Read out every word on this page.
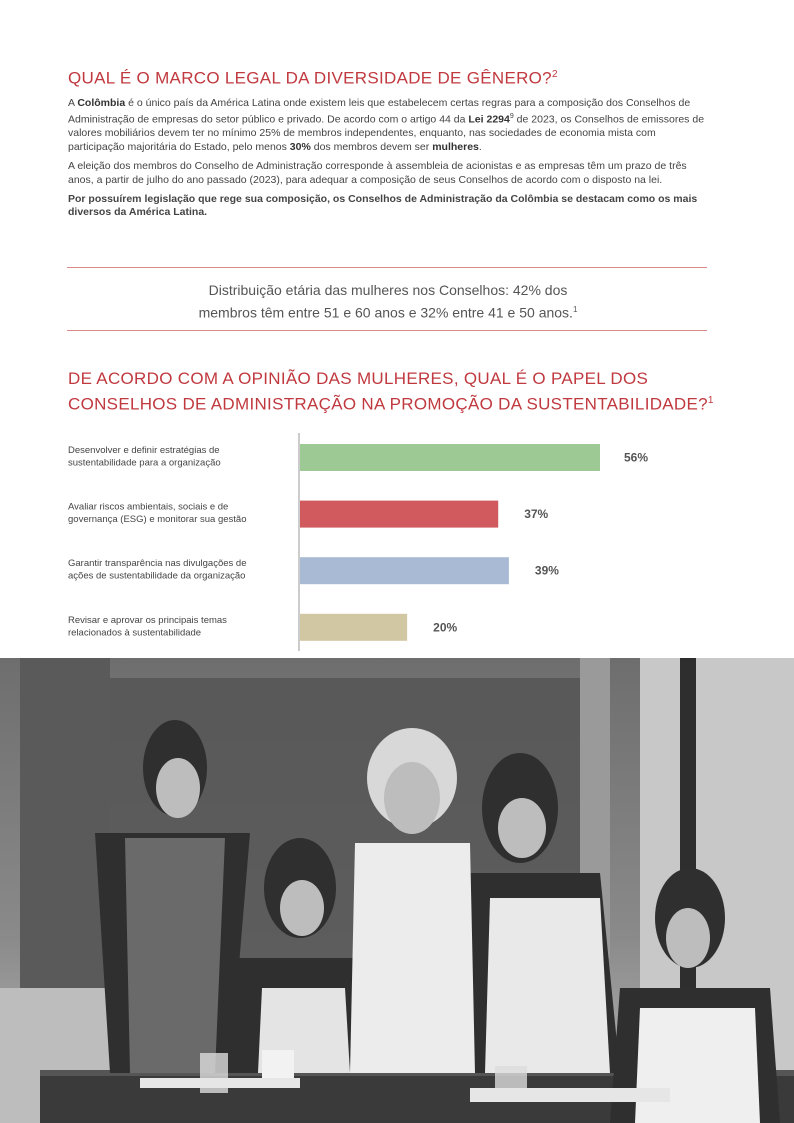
QUAL É O MARCO LEGAL DA DIVERSIDADE DE GÊNERO?$^2$

A Colômbia é o único país da América Latina onde existem leis que estabelecem certas regras para a composição dos Conselhos de Administração de empresas do setor público e privado. De acordo com o artigo 44 da Lei 2294$^9$ de 2023, os Conselhos de emissores de valores mobiliários devem ter no mínimo 25% de membros independentes, enquanto, nas sociedades de economia mista com participação majoritária do Estado, pelo menos 30% dos membros devem ser mulheres.

A eleição dos membros do Conselho de Administração corresponde à assembleia de acionistas e as empresas têm um prazo de três anos, a partir de julho do ano passado (2023), para adequar a composição de seus Conselhos de acordo com o disposto na lei.

Por possuírem legislação que rege sua composição, os Conselhos de Administração da Colômbia se destacam como os mais diversos da América Latina.

Distribuição etária das mulheres nos Conselhos: 42% dos
membros têm entre 51 e 60 anos e 32% entre 41 e 50 anos.$^1$
DE ACORDO COM A OPINIÃO DAS MULHERES, QUAL É O PAPEL DOS
CONSELHOS DE ADMINISTRAÇÃO NA PROMOÇÃO DA SUSTENTABILIDADE?$^1$
56%
Desenvolver e definir estratégias de sustentabilidade para a organização
37%
Avaliar riscos ambientais, sociais e de governança (ESG) e monitorar sua gestão
39%
Garantir transparência nas divulgações de ações de sustentabilidade da organização
20%
Revisar e aprovar os principais temas relacionados à sustentabilidade
